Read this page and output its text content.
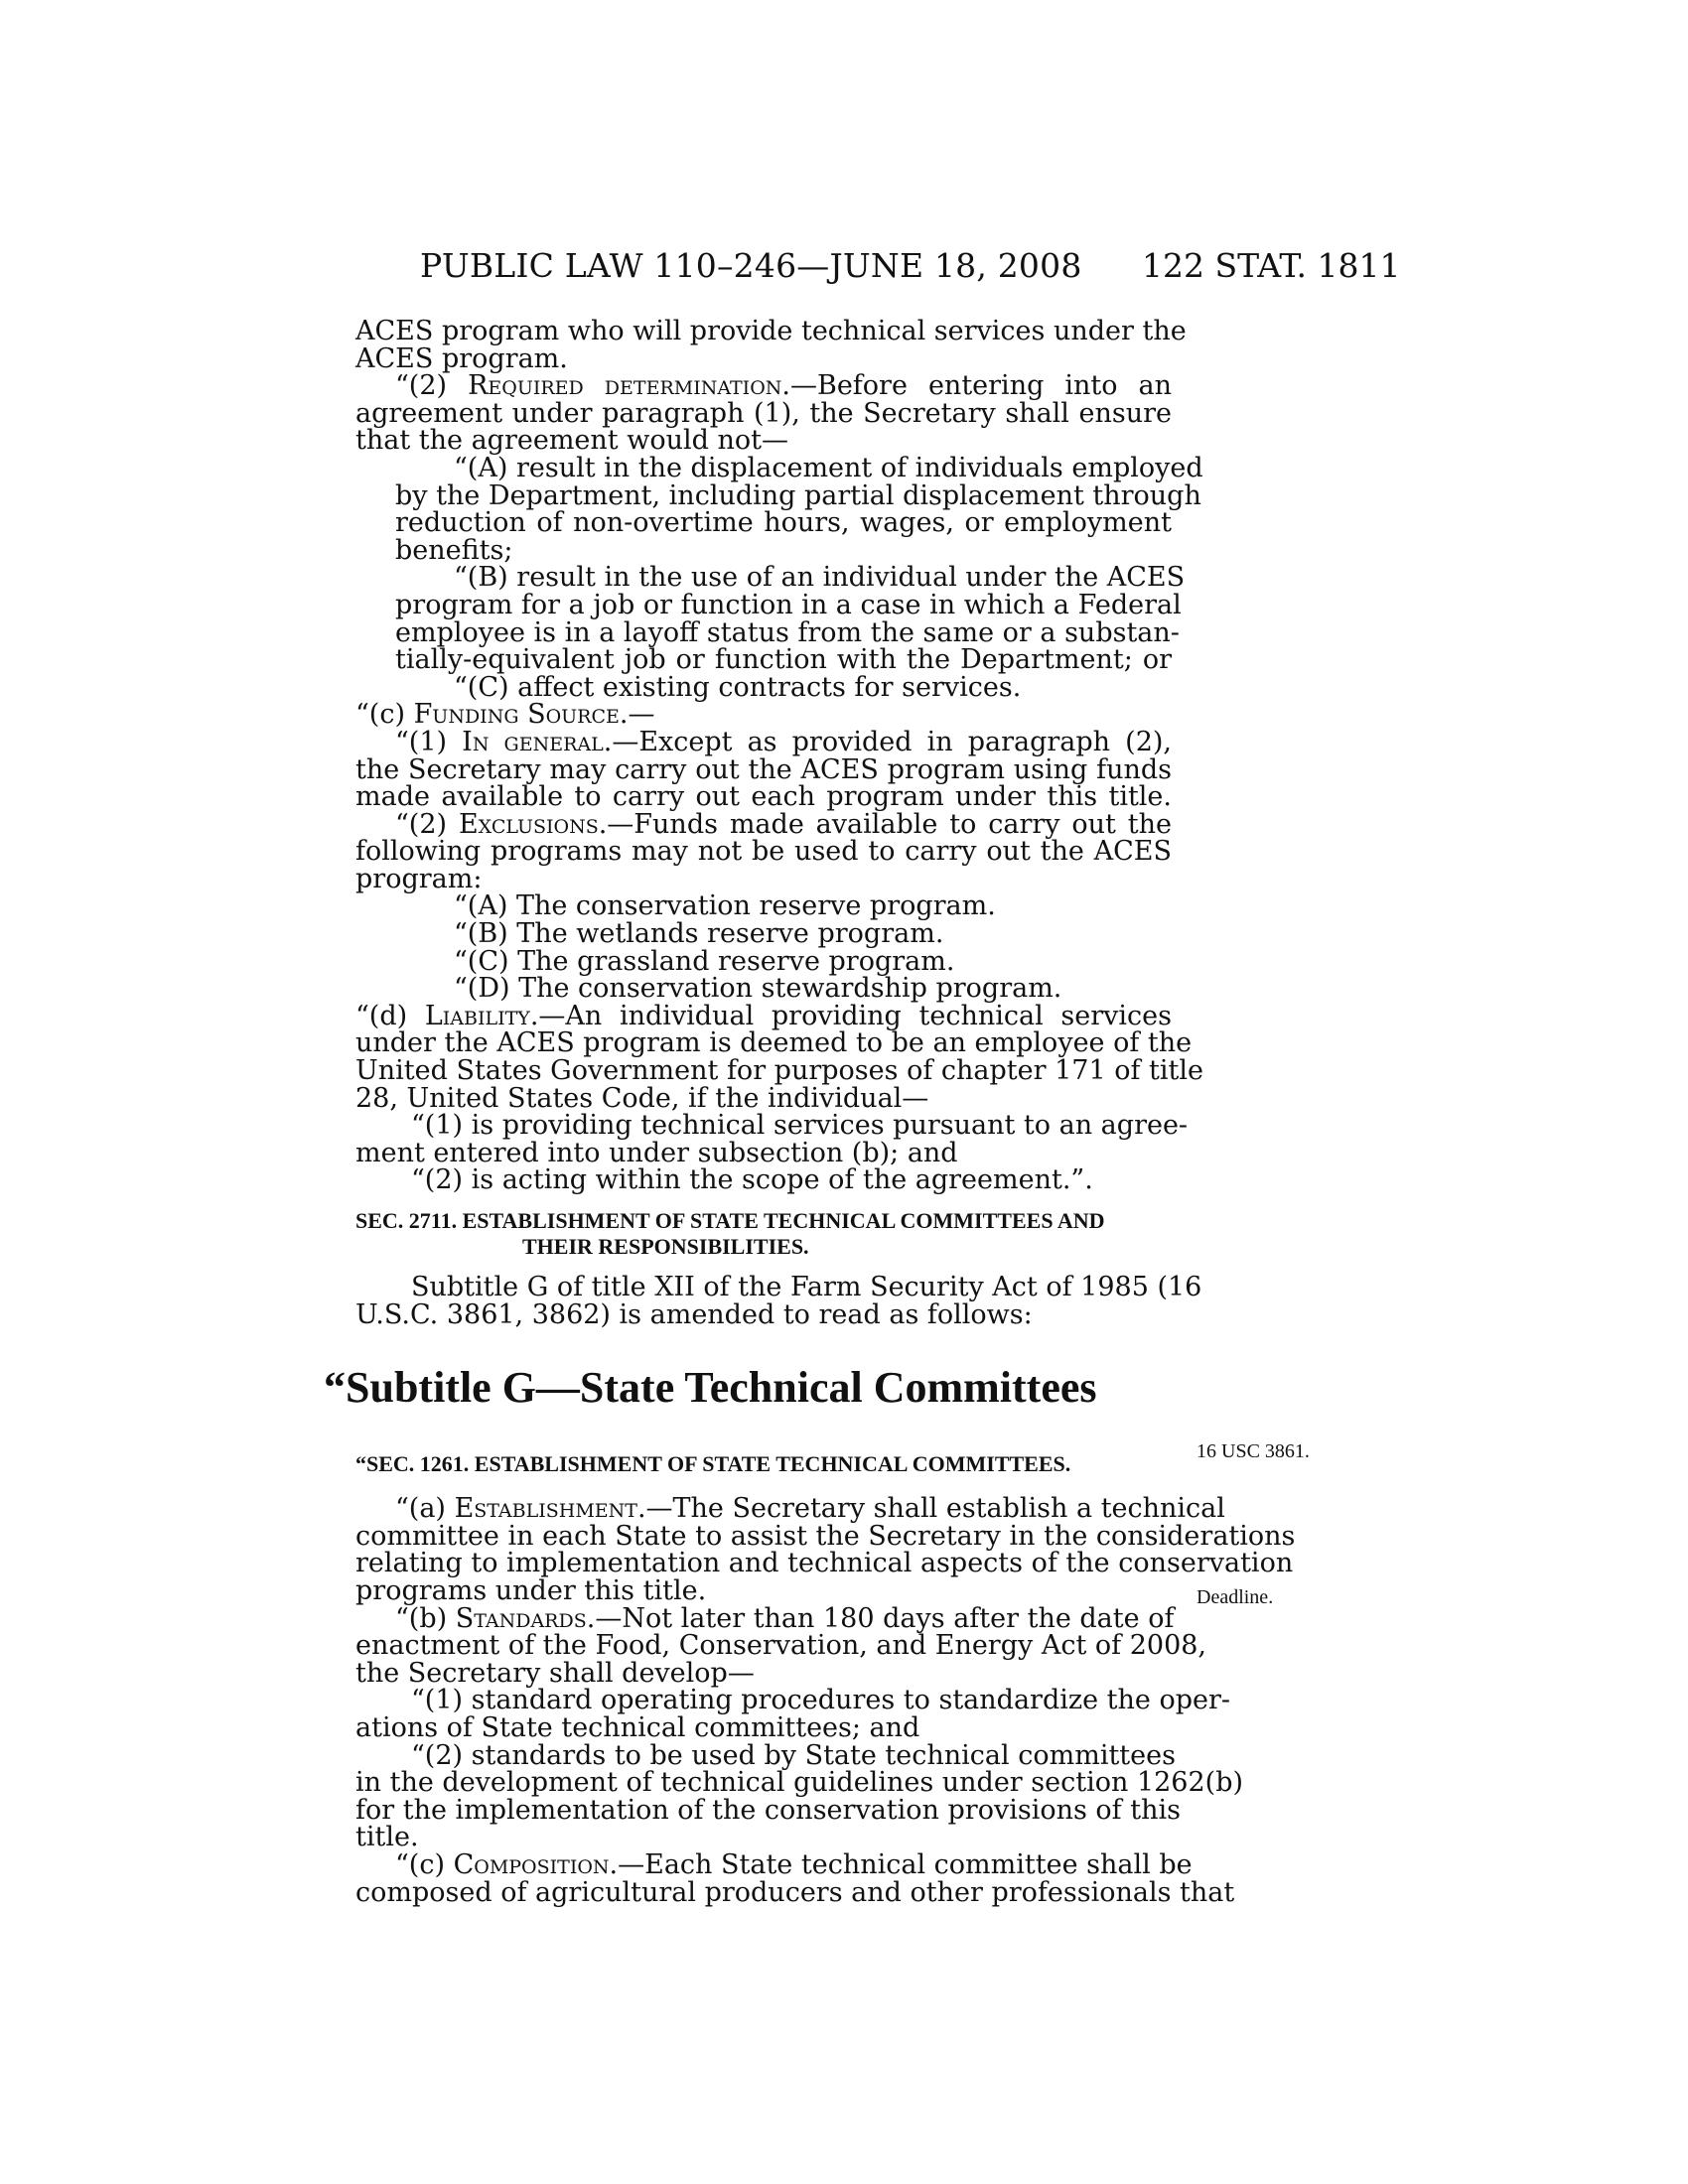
PUBLIC LAW 110–246—JUNE 18, 2008 122 STAT. 1811
ACES program who will provide technical services under the
ACES program.
“(2) Required determination.—Before entering into an
agreement under paragraph (1), the Secretary shall ensure
that the agreement would not—
“(A) result in the displacement of individuals employed
by the Department, including partial displacement through
reduction of non-overtime hours, wages, or employment
benefits;
“(B) result in the use of an individual under the ACES
program for a job or function in a case in which a Federal
employee is in a layoff status from the same or a substan-
tially-equivalent job or function with the Department; or
“(C) affect existing contracts for services.
“(c) Funding Source.—
“(1) In general.—Except as provided in paragraph (2),
the Secretary may carry out the ACES program using funds
made available to carry out each program under this title.
“(2) Exclusions.—Funds made available to carry out the
following programs may not be used to carry out the ACES
program:
“(A) The conservation reserve program.
“(B) The wetlands reserve program.
“(C) The grassland reserve program.
“(D) The conservation stewardship program.
“(d) Liability.—An individual providing technical services
under the ACES program is deemed to be an employee of the
United States Government for purposes of chapter 171 of title
28, United States Code, if the individual—
“(1) is providing technical services pursuant to an agree-
ment entered into under subsection (b); and
“(2) is acting within the scope of the agreement.”.
SEC. 2711. ESTABLISHMENT OF STATE TECHNICAL COMMITTEES AND
THEIR RESPONSIBILITIES.
Subtitle G of title XII of the Farm Security Act of 1985 (16
U.S.C. 3861, 3862) is amended to read as follows:
“Subtitle G—State Technical Committees
“SEC. 1261. ESTABLISHMENT OF STATE TECHNICAL COMMITTEES.
“(a) Establishment.—The Secretary shall establish a technical
committee in each State to assist the Secretary in the considerations
relating to implementation and technical aspects of the conservation
programs under this title.
“(b) Standards.—Not later than 180 days after the date of
enactment of the Food, Conservation, and Energy Act of 2008,
the Secretary shall develop—
“(1) standard operating procedures to standardize the oper-
ations of State technical committees; and
“(2) standards to be used by State technical committees
in the development of technical guidelines under section 1262(b)
for the implementation of the conservation provisions of this
title.
“(c) Composition.—Each State technical committee shall be
composed of agricultural producers and other professionals that
16 USC 3861.
Deadline.
